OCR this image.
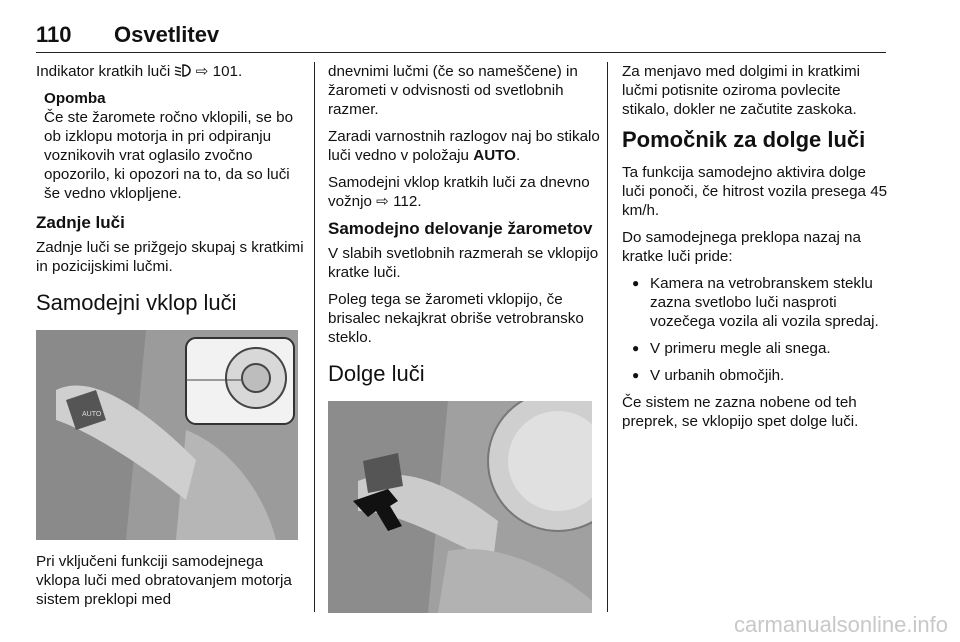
110 Osvetlitev

Indikator kratkih luči ⇨ 101.

Opomba
Če ste žaromete ročno vklopili, se bo ob izklopu motorja in pri odpiranju voznikovih vrat oglasilo zvočno opozorilo, ki opozori na to, da so luči še vedno vklopljene.
Zadnje luči

Zadnje luči se prižgejo skupaj s kratkimi in pozicijskimi lučmi.

Samodejni vklop luči
AUTO

Pri vključeni funkciji samodejnega vklopa luči med obratovanjem motorja sistem preklopi med

dnevnimi lučmi (če so nameščene) in žarometi v odvisnosti od svetlobnih razmer.

Zaradi varnostnih razlogov naj bo stikalo luči vedno v položaju AUTO.

Samodejni vklop kratkih luči za dnevno vožnjo ⇨ 112.

Samodejno delovanje žarometov

V slabih svetlobnih razmerah se vklopijo kratke luči.

Poleg tega se žarometi vklopijo, če brisalec nekajkrat obriše vetrobransko steklo.

Dolge luči

Za menjavo med dolgimi in kratkimi lučmi potisnite oziroma povlecite stikalo, dokler ne začutite zaskoka.

Pomočnik za dolge luči

Ta funkcija samodejno aktivira dolge luči ponoči, če hitrost vozila presega 45 km/h.

Do samodejnega preklopa nazaj na kratke luči pride:

● Kamera na vetrobranskem steklu zazna svetlobo luči nasproti vozečega vozila ali vozila spredaj.
● V primeru megle ali snega.
● V urbanih območjih.

Če sistem ne zazna nobene od teh preprek, se vklopijo spet dolge luči.

carmanualsonline.info
